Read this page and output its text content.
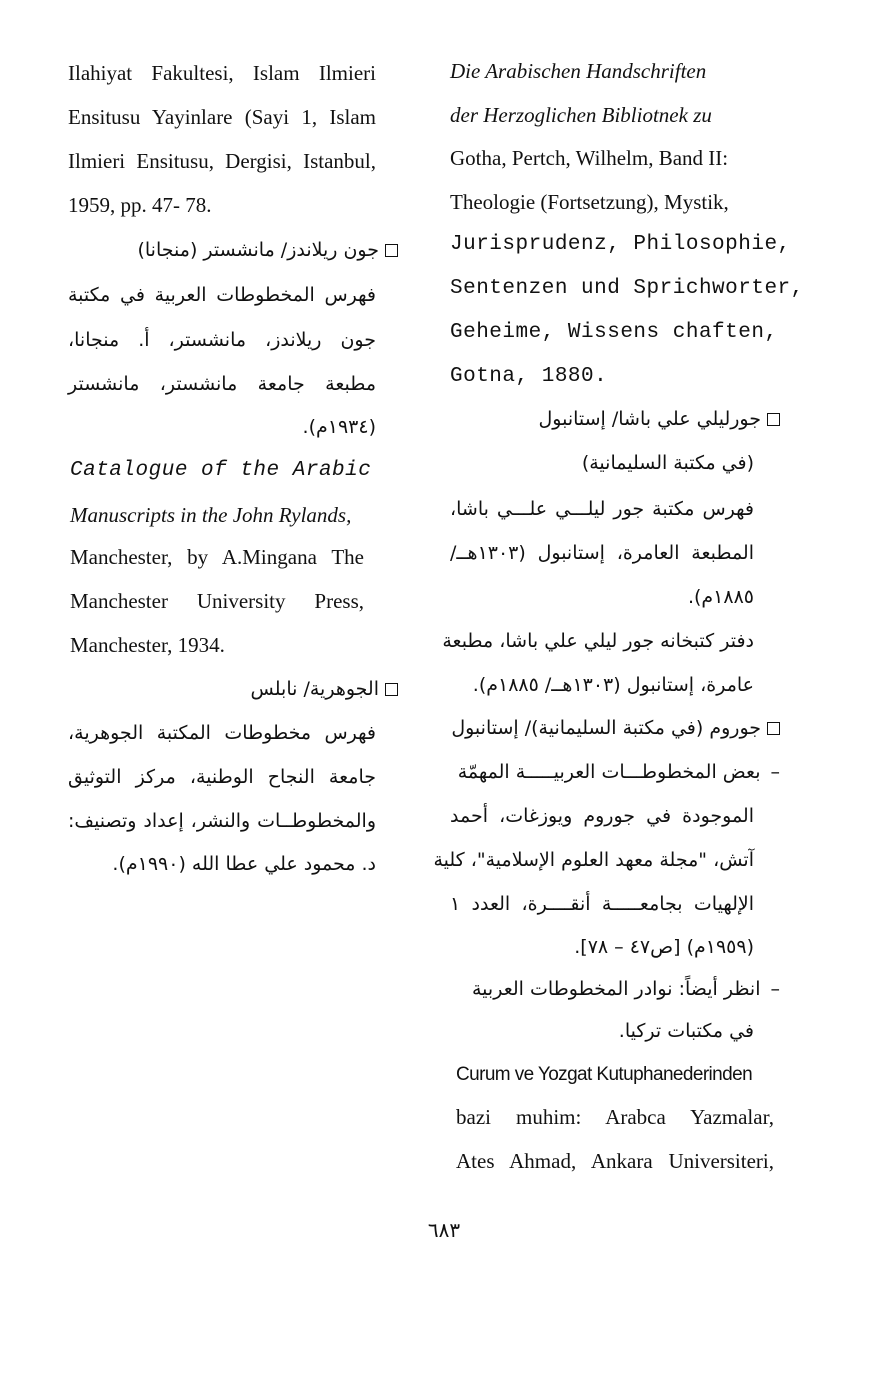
Ilahiyat Fakultesi, Islam Ilmieri
Ensitusu Yayinlare (Sayi 1, Islam
Ilmieri Ensitusu, Dergisi, Istanbul,
1959, pp. 47- 78.
جون ريلاندز/ مانشستر (منجانا)
فهرس المخطوطات العربية في مكتبة
جون ريلاندز، مانشستر، أ. منجانا،
مطبعة جامعة مانشستر، مانشستر
(١٩٣٤م).
Catalogue of the Arabic
Manuscripts in the John Rylands,
Manchester, by A.Mingana The
Manchester University Press,
Manchester, 1934.
الجوهرية/ نابلس
فهرس مخطوطات المكتبة الجوهرية،
جامعة النجاح الوطنية، مركز التوثيق
والمخطوطــات والنشر، إعداد وتصنيف:
د. محمود علي عطا الله (١٩٩٠م).
Die Arabischen Handschriften
der Herzoglichen Bibliotnek zu
Gotha, Pertch, Wilhelm, Band II:
Theologie (Fortsetzung), Mystik,
Jurisprudenz, Philosophie,
Sentenzen und Sprichworter,
Geheime, Wissens chaften,
Gotna, 1880.
جورليلي علي باشا/ إستانبول
(في مكتبة السليمانية)
فهرس مكتبة جور ليلـــي علـــي باشا،
المطبعة العامرة، إستانبول (١٣٠٣هــ/
١٨٨٥م).
دفتر كتبخانه جور ليلي علي باشا، مطبعة
عامرة، إستانبول (١٣٠٣هــ/ ١٨٨٥م).
جوروم (في مكتبة السليمانية)/ إستانبول
–بعض المخطوطـــات العربيـــــة المهمّة
الموجودة في جوروم ويوزغات، أحمد
آتش، "مجلة معهد العلوم الإسلامية"، كلية
الإلهيات بجامعـــــة أنقــــرة، العدد ١
(١٩٥٩م) [ص٤٧ – ٧٨].
–انظر أيضاً: نوادر المخطوطات العربية
في مكتبات تركيا.
Curum ve Yozgat Kutuphanederinden
bazi muhim: Arabca Yazmalar,
Ates Ahmad, Ankara Universiteri,
٦٨٣
